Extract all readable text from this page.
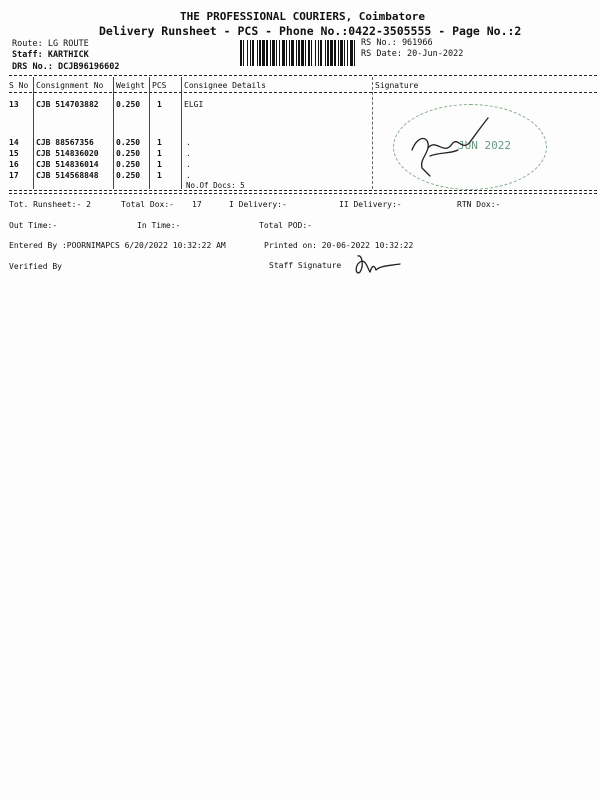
THE PROFESSIONAL COURIERS, Coimbatore
Delivery Runsheet - PCS - Phone No.:0422-3505555 - Page No.:2
Route: LG ROUTE
Staff: KARTHICK
DRS No.: DCJB96196602
RS No.: 961966
RS Date: 20-Jun-2022
S No Consignment No Weight PCS Consignee Details	Signature
13 CJB 514703882 0.250 1	ELGI
14 CJB 88567356	0.250 1	.
15 CJB 514836020 0.250 1	.
16 CJB 514836014 0.250 1	.
17 CJB 514568848 0.250 1	.
No.Of Docs: 5
JUN 2022
Tot. Runsheet:- 2	Total Dox:- 17	I Delivery:-	II Delivery:-	RTN Dox:-
Out Time:-	In Time:-	Total POD:-
Entered By :POORNIMAPCS 6/20/2022 10:32:22 AM	Printed on: 20-06-2022 10:32:22
Verified By	Staff Signature
